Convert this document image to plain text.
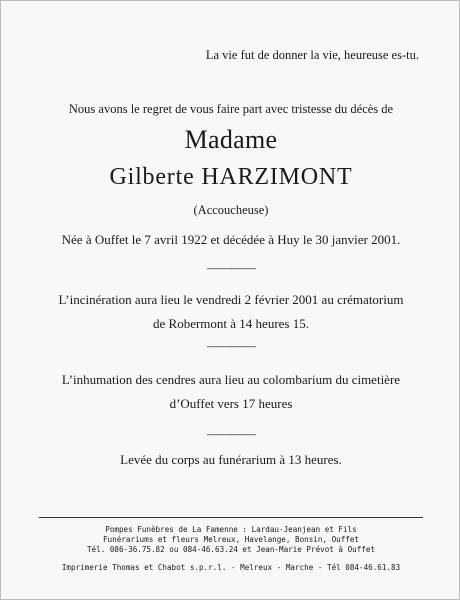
La vie fut de donner la vie, heureuse es-tu.
Nous avons le regret de vous faire part avec tristesse du décès de
Madame
Gilberte HARZIMONT
(Accoucheuse)
Née à Ouffet le 7 avril 1922 et décédée à Huy le 30 janvier 2001.
————
L’incinération aura lieu le vendredi 2 février 2001 au crématorium
de Robermont à 14 heures 15.
————
L’inhumation des cendres aura lieu au colombarium du cimetière
d’Ouffet vers 17 heures
————
Levée du corps au funérarium à 13 heures.
Pompes Funèbres de La Famenne : Lardau-Jeanjean et Fils
Funérariums et fleurs Melreux, Havelange, Bonsin, Ouffet
Tél. 086-36.75.82 ou 084-46.63.24 et Jean-Marie Prévot à Ouffet
Imprimerie Thomas et Chabot s.p.r.l. - Melreux - Marche - Tél 084-46.61.83
